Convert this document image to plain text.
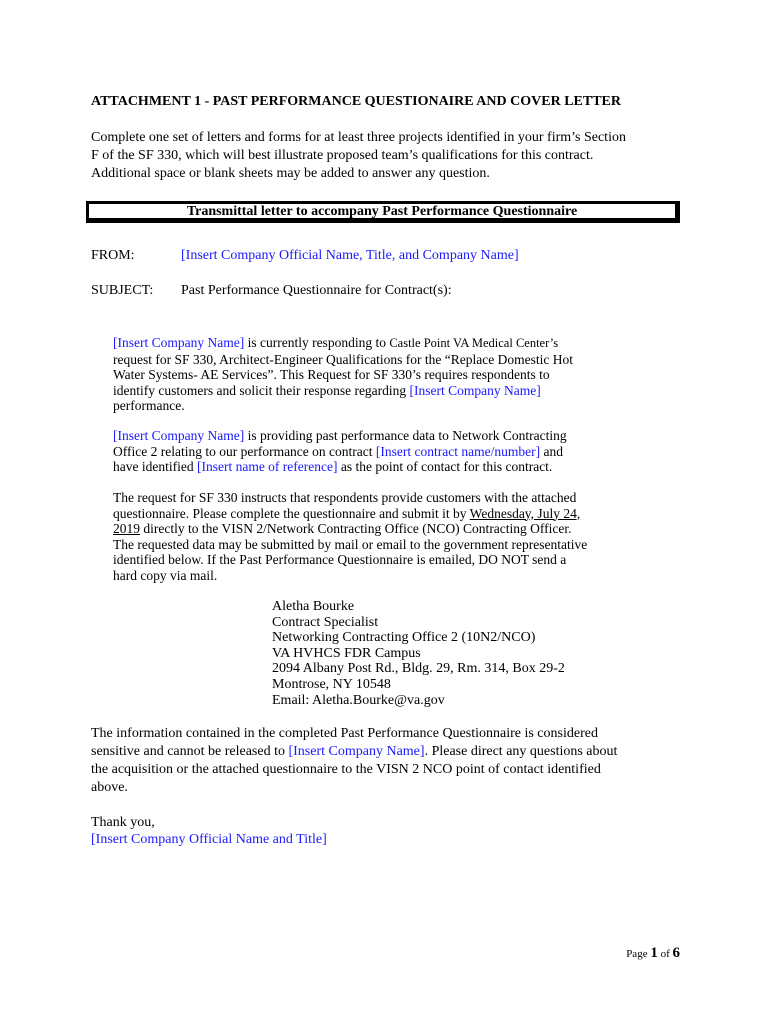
ATTACHMENT 1 - PAST PERFORMANCE QUESTIONAIRE AND COVER LETTER
Complete one set of letters and forms for at least three projects identified in your firm’s Section
F of the SF 330, which will best illustrate proposed team’s qualifications for this contract.
Additional space or blank sheets may be added to answer any question.
Transmittal letter to accompany Past Performance Questionnaire
FROM:	[Insert Company Official Name, Title, and Company Name]
SUBJECT: Past Performance Questionnaire for Contract(s):
[Insert Company Name] is currently responding to Castle Point VA Medical Center’s
request for SF 330, Architect-Engineer Qualifications for the “Replace Domestic Hot
Water Systems- AE Services”. This Request for SF 330’s requires respondents to
identify customers and solicit their response regarding [Insert Company Name]
performance.
[Insert Company Name] is providing past performance data to Network Contracting
Office 2 relating to our performance on contract [Insert contract name/number] and
have identified [Insert name of reference] as the point of contact for this contract.
The request for SF 330 instructs that respondents provide customers with the attached
questionnaire. Please complete the questionnaire and submit it by Wednesday, July 24,
2019 directly to the VISN 2/Network Contracting Office (NCO) Contracting Officer.
The requested data may be submitted by mail or email to the government representative
identified below. If the Past Performance Questionnaire is emailed, DO NOT send a
hard copy via mail.
Aletha Bourke
Contract Specialist
Networking Contracting Office 2 (10N2/NCO)
VA HVHCS FDR Campus
2094 Albany Post Rd., Bldg. 29, Rm. 314, Box 29-2
Montrose, NY 10548
Email: Aletha.Bourke@va.gov
The information contained in the completed Past Performance Questionnaire is considered
sensitive and cannot be released to [Insert Company Name]. Please direct any questions about
the acquisition or the attached questionnaire to the VISN 2 NCO point of contact identified
above.
Thank you,
[Insert Company Official Name and Title]
Page 1 of 6
